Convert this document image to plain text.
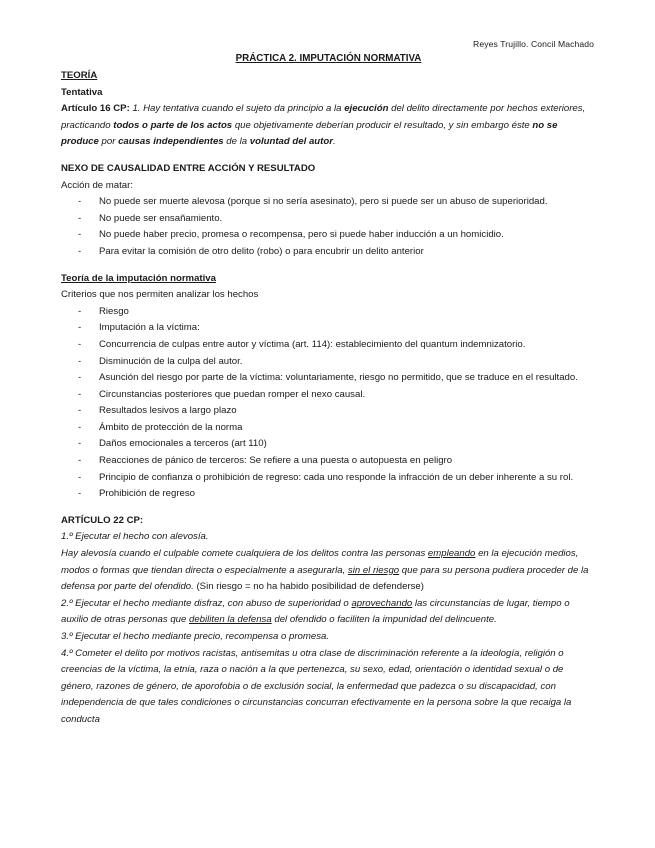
Reyes Trujillo. Concil Machado
PRÁCTICA 2. IMPUTACIÓN NORMATIVA
TEORÍA
Tentativa
Artículo 16 CP: 1. Hay tentativa cuando el sujeto da principio a la ejecución del delito directamente por hechos exteriores, practicando todos o parte de los actos que objetivamente deberían producir el resultado, y sin embargo éste no se produce por causas independientes de la voluntad del autor.
NEXO DE CAUSALIDAD ENTRE ACCIÓN Y RESULTADO
Acción de matar:
- No puede ser muerte alevosa (porque si no sería asesinato), pero si puede ser un abuso de superioridad.
- No puede ser ensañamiento.
- No puede haber precio, promesa o recompensa, pero si puede haber inducción a un homicidio.
- Para evitar la comisión de otro delito (robo) o para encubrir un delito anterior
Teoría de la imputación normativa
Criterios que nos permiten analizar los hechos
- Riesgo
- Imputación a la víctima:
- Concurrencia de culpas entre autor y víctima (art. 114): establecimiento del quantum indemnizatorio.
- Disminución de la culpa del autor.
- Asunción del riesgo por parte de la víctima: voluntariamente, riesgo no permitido, que se traduce en el resultado.
- Circunstancias posteriores que puedan romper el nexo causal.
- Resultados lesivos a largo plazo
- Ámbito de protección de la norma
- Daños emocionales a terceros (art 110)
- Reacciones de pánico de terceros: Se refiere a una puesta o autopuesta en peligro
- Principio de confianza o prohibición de regreso: cada uno responde la infracción de un deber inherente a su rol.
- Prohibición de regreso
ARTÍCULO 22 CP:
1.º Ejecutar el hecho con alevosía.
Hay alevosía cuando el culpable comete cualquiera de los delitos contra las personas empleando en la ejecución medios, modos o formas que tiendan directa o especialmente a asegurarla, sin el riesgo que para su persona pudiera proceder de la defensa por parte del ofendido. (Sin riesgo = no ha habido posibilidad de defenderse)
2.º Ejecutar el hecho mediante disfraz, con abuso de superioridad o aprovechando las circunstancias de lugar, tiempo o auxilio de otras personas que debiliten la defensa del ofendido o faciliten la impunidad del delincuente.
3.º Ejecutar el hecho mediante precio, recompensa o promesa.
4.º Cometer el delito por motivos racistas, antisemitas u otra clase de discriminación referente a la ideología, religión o creencias de la víctima, la etnia, raza o nación a la que pertenezca, su sexo, edad, orientación o identidad sexual o de género, razones de género, de aporofobia o de exclusión social, la enfermedad que padezca o su discapacidad, con independencia de que tales condiciones o circunstancias concurran efectivamente en la persona sobre la que recaiga la conducta
